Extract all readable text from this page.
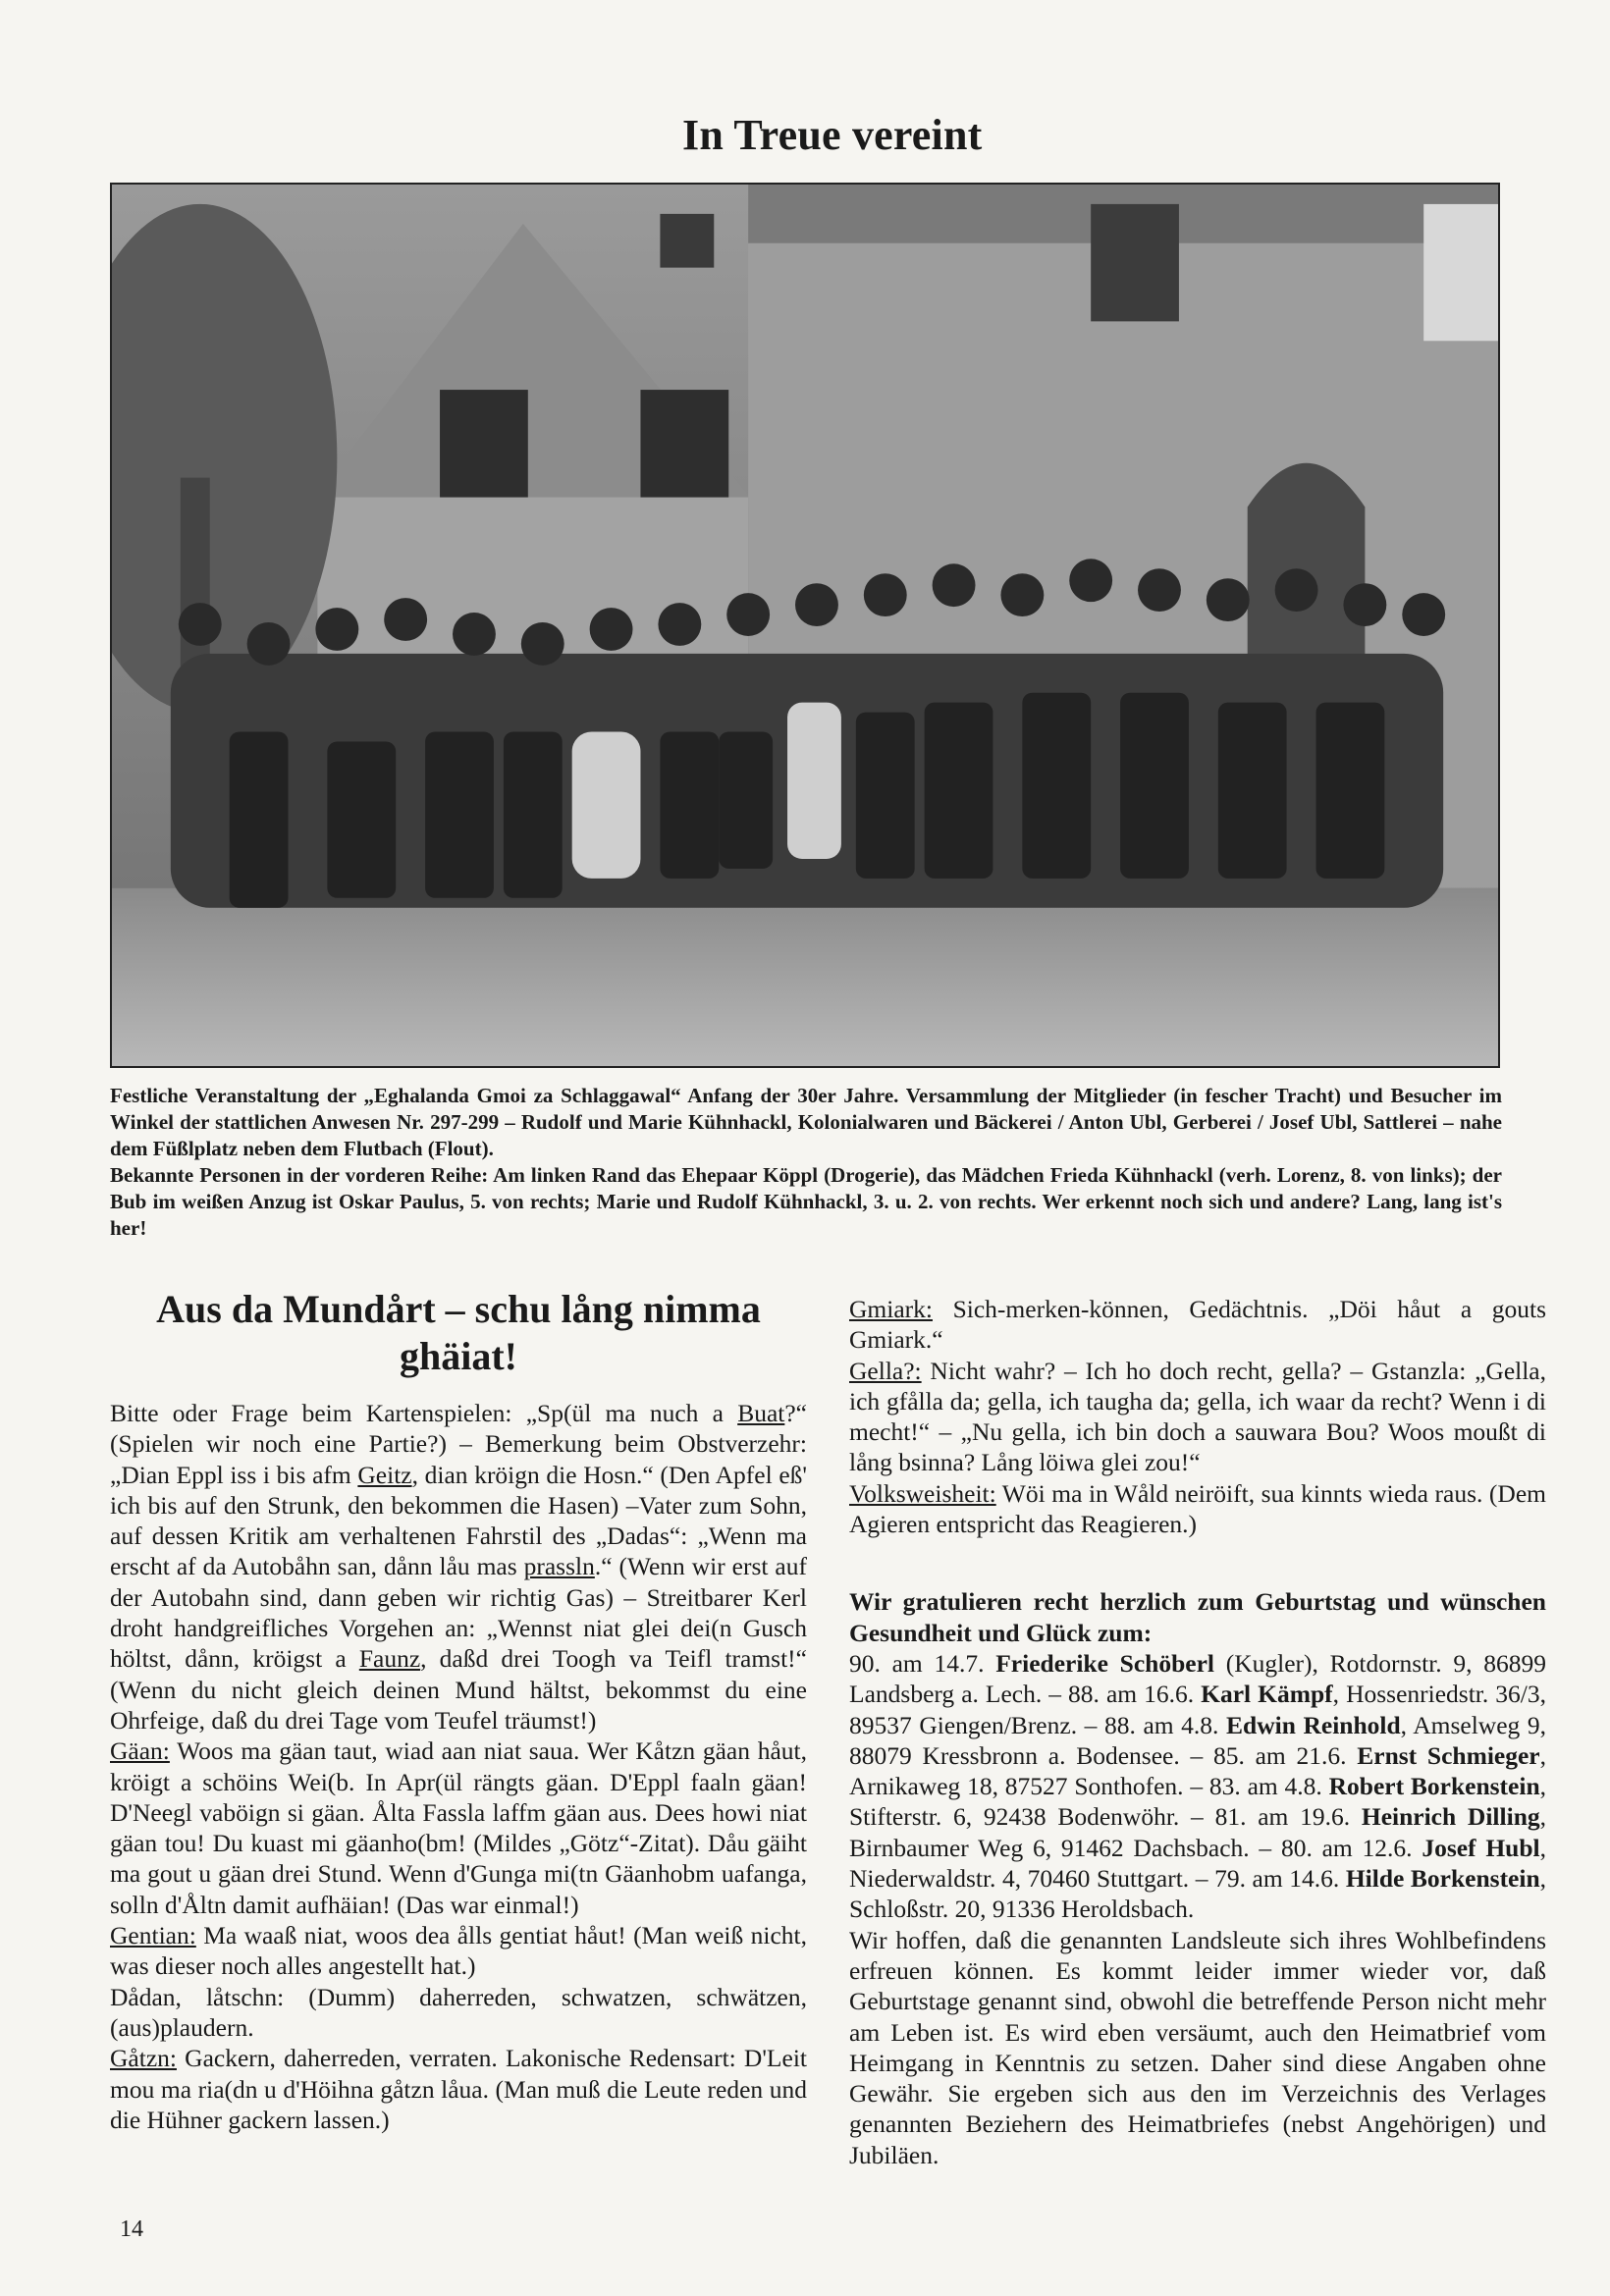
In Treue vereint

Festliche Veranstaltung der „Eghalanda Gmoi za Schlaggawal“ Anfang der 30er Jahre. Versammlung der Mitglieder (in fescher Tracht) und Besucher im Winkel der stattlichen Anwesen Nr. 297-299 – Rudolf und Marie Kühnhackl, Kolonialwaren und Bäckerei / Anton Ubl, Gerberei / Josef Ubl, Sattlerei – nahe dem Füßlplatz neben dem Flutbach (Flout).

Bekannte Personen in der vorderen Reihe: Am linken Rand das Ehepaar Köppl (Drogerie), das Mädchen Frieda Kühnhackl (verh. Lorenz, 8. von links); der Bub im weißen Anzug ist Oskar Paulus, 5. von rechts; Marie und Rudolf Kühnhackl, 3. u. 2. von rechts. Wer erkennt noch sich und andere? Lang, lang ist's her!

Aus da Mundårt – schu lång nimma ghäiat!

Bitte oder Frage beim Kartenspielen: „Sp(ül ma nuch a Buat?“ (Spielen wir noch eine Partie?) – Bemerkung beim Obstverzehr: „Dian Eppl iss i bis afm Geitz, dian kröign die Hosn.“ (Den Apfel eß' ich bis auf den Strunk, den bekommen die Hasen) –Vater zum Sohn, auf dessen Kritik am verhaltenen Fahrstil des „Dadas“: „Wenn ma erscht af da Autobåhn san, dånn låu mas prassln.“ (Wenn wir erst auf der Autobahn sind, dann geben wir richtig Gas) – Streitbarer Kerl droht handgreifliches Vorgehen an: „Wennst niat glei dei(n Gusch höltst, dånn, kröigst a Faunz, daßd drei Toogh va Teifl tramst!“ (Wenn du nicht gleich deinen Mund hältst, bekommst du eine Ohrfeige, daß du drei Tage vom Teufel träumst!)

Gäan: Woos ma gäan taut, wiad aan niat saua. Wer Kåtzn gäan håut, kröigt a schöins Wei(b. In Apr(ül rängts gäan. D'Eppl faaln gäan! D'Neegl vaböign si gäan. Ålta Fassla laffm gäan aus. Dees howi niat gäan tou! Du kuast mi gäanho(bm! (Mildes „Götz“-Zitat). Dåu gäiht ma gout u gäan drei Stund. Wenn d'Gunga mi(tn Gäanhobm uafanga, solln d'Åltn damit aufhäian! (Das war einmal!)

Gentian: Ma waaß niat, woos dea ålls gentiat håut! (Man weiß nicht, was dieser noch alles angestellt hat.)

Dådan, låtschn: (Dumm) daherreden, schwatzen, schwätzen, (aus)plaudern.

Gåtzn: Gackern, daherreden, verraten. Lakonische Redensart: D'Leit mou ma ria(dn u d'Höihna gåtzn låua. (Man muß die Leute reden und die Hühner gackern lassen.)

Gmiark: Sich-merken-können, Gedächtnis. „Döi håut a gouts Gmiark.“

Gella?: Nicht wahr? – Ich ho doch recht, gella? – Gstanzla: „Gella, ich gfålla da; gella, ich taugha da; gella, ich waar da recht? Wenn i di mecht!“ – „Nu gella, ich bin doch a sauwara Bou? Woos moußt di lång bsinna? Lång löiwa glei zou!“

Volksweisheit: Wöi ma in Wåld neiröift, sua kinnts wieda raus. (Dem Agieren entspricht das Reagieren.)

Wir gratulieren recht herzlich zum Geburtstag und wünschen Gesundheit und Glück zum:

90. am 14.7. Friederike Schöberl (Kugler), Rotdornstr. 9, 86899 Landsberg a. Lech. – 88. am 16.6. Karl Kämpf, Hossenriedstr. 36/3, 89537 Giengen/Brenz. – 88. am 4.8. Edwin Reinhold, Amselweg 9, 88079 Kressbronn a. Bodensee. – 85. am 21.6. Ernst Schmieger, Arnikaweg 18, 87527 Sonthofen. – 83. am 4.8. Robert Borkenstein, Stifterstr. 6, 92438 Bodenwöhr. – 81. am 19.6. Heinrich Dilling, Birnbaumer Weg 6, 91462 Dachsbach. – 80. am 12.6. Josef Hubl, Niederwaldstr. 4, 70460 Stuttgart. – 79. am 14.6. Hilde Borkenstein, Schloßstr. 20, 91336 Heroldsbach.

Wir hoffen, daß die genannten Landsleute sich ihres Wohlbefindens erfreuen können. Es kommt leider immer wieder vor, daß Geburtstage genannt sind, obwohl die betreffende Person nicht mehr am Leben ist. Es wird eben versäumt, auch den Heimatbrief vom Heimgang in Kenntnis zu setzen. Daher sind diese Angaben ohne Gewähr. Sie ergeben sich aus den im Verzeichnis des Verlages genannten Beziehern des Heimatbriefes (nebst Angehörigen) und Jubiläen.

14
